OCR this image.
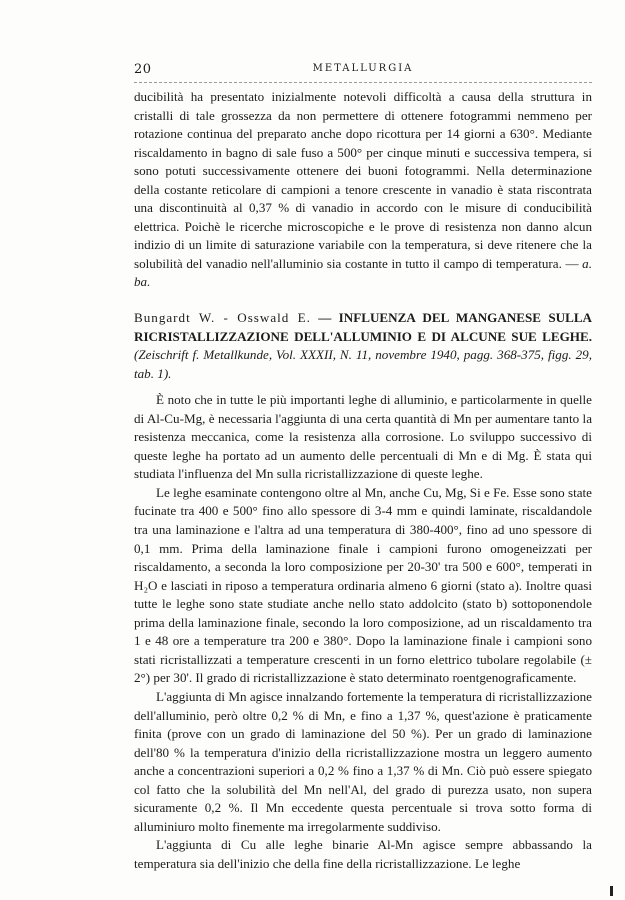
20	METALLURGIA

ducibilità ha presentato inizialmente notevoli difficoltà a causa della struttura in cristalli di tale grossezza da non permettere di ottenere fotogrammi nemmeno per rotazione continua del preparato anche dopo ricottura per 14 giorni a 630°. Mediante riscaldamento in bagno di sale fuso a 500° per cinque minuti e successiva tempera, si sono potuti successivamente ottenere dei buoni fotogrammi. Nella determinazione della costante reticolare di campioni a tenore crescente in vanadio è stata riscontrata una discontinuità al 0,37 % di vanadio in accordo con le misure di conducibilità elettrica. Poichè le ricerche microscopiche e le prove di resistenza non danno alcun indizio di un limite di saturazione variabile con la temperatura, si deve ritenere che la solubilità del vanadio nell'alluminio sia costante in tutto il campo di temperatura. — a. ba.

Bungardt W. - Osswald E. — INFLUENZA DEL MANGANESE SULLA RICRISTALLIZZAZIONE DELL'ALLUMINIO E DI ALCUNE SUE LEGHE. (Zeischrift f. Metallkunde, Vol. XXXII, N. 11, novembre 1940, pagg. 368-375, figg. 29, tab. 1).

È noto che in tutte le più importanti leghe di alluminio, e particolarmente in quelle di Al-Cu-Mg, è necessaria l'aggiunta di una certa quantità di Mn per aumentare tanto la resistenza meccanica, come la resistenza alla corrosione. Lo sviluppo successivo di queste leghe ha portato ad un aumento delle percentuali di Mn e di Mg. È stata qui studiata l'influenza del Mn sulla ricristallizzazione di queste leghe.

Le leghe esaminate contengono oltre al Mn, anche Cu, Mg, Si e Fe. Esse sono state fucinate tra 400 e 500° fino allo spessore di 3-4 mm e quindi laminate, riscaldandole tra una laminazione e l'altra ad una temperatura di 380-400°, fino ad uno spessore di 0,1 mm. Prima della laminazione finale i campioni furono omogeneizzati per riscaldamento, a seconda la loro composizione per 20-30' tra 500 e 600°, temperati in H₂O e lasciati in riposo a temperatura ordinaria almeno 6 giorni (stato a). Inoltre quasi tutte le leghe sono state studiate anche nello stato addolcito (stato b) sottoponendole prima della laminazione finale, secondo la loro composizione, ad un riscaldamento tra 1 e 48 ore a temperature tra 200 e 380°. Dopo la laminazione finale i campioni sono stati ricristallizzati a temperature crescenti in un forno elettrico tubolare regolabile (± 2°) per 30'. Il grado di ricristallizzazione è stato determinato roentgenograficamente.

L'aggiunta di Mn agisce innalzando fortemente la temperatura di ricristallizzazione dell'alluminio, però oltre 0,2 % di Mn, e fino a 1,37 %, quest'azione è praticamente finita (prove con un grado di laminazione del 50 %). Per un grado di laminazione dell'80 % la temperatura d'inizio della ricristallizzazione mostra un leggero aumento anche a concentrazioni superiori a 0,2 % fino a 1,37 % di Mn. Ciò può essere spiegato col fatto che la solubilità del Mn nell'Al, del grado di purezza usato, non supera sicuramente 0,2 %. Il Mn eccedente questa percentuale si trova sotto forma di alluminiuro molto finemente ma irregolarmente suddiviso.

L'aggiunta di Cu alle leghe binarie Al-Mn agisce sempre abbassando la temperatura sia dell'inizio che della fine della ricristallizzazione. Le leghe
